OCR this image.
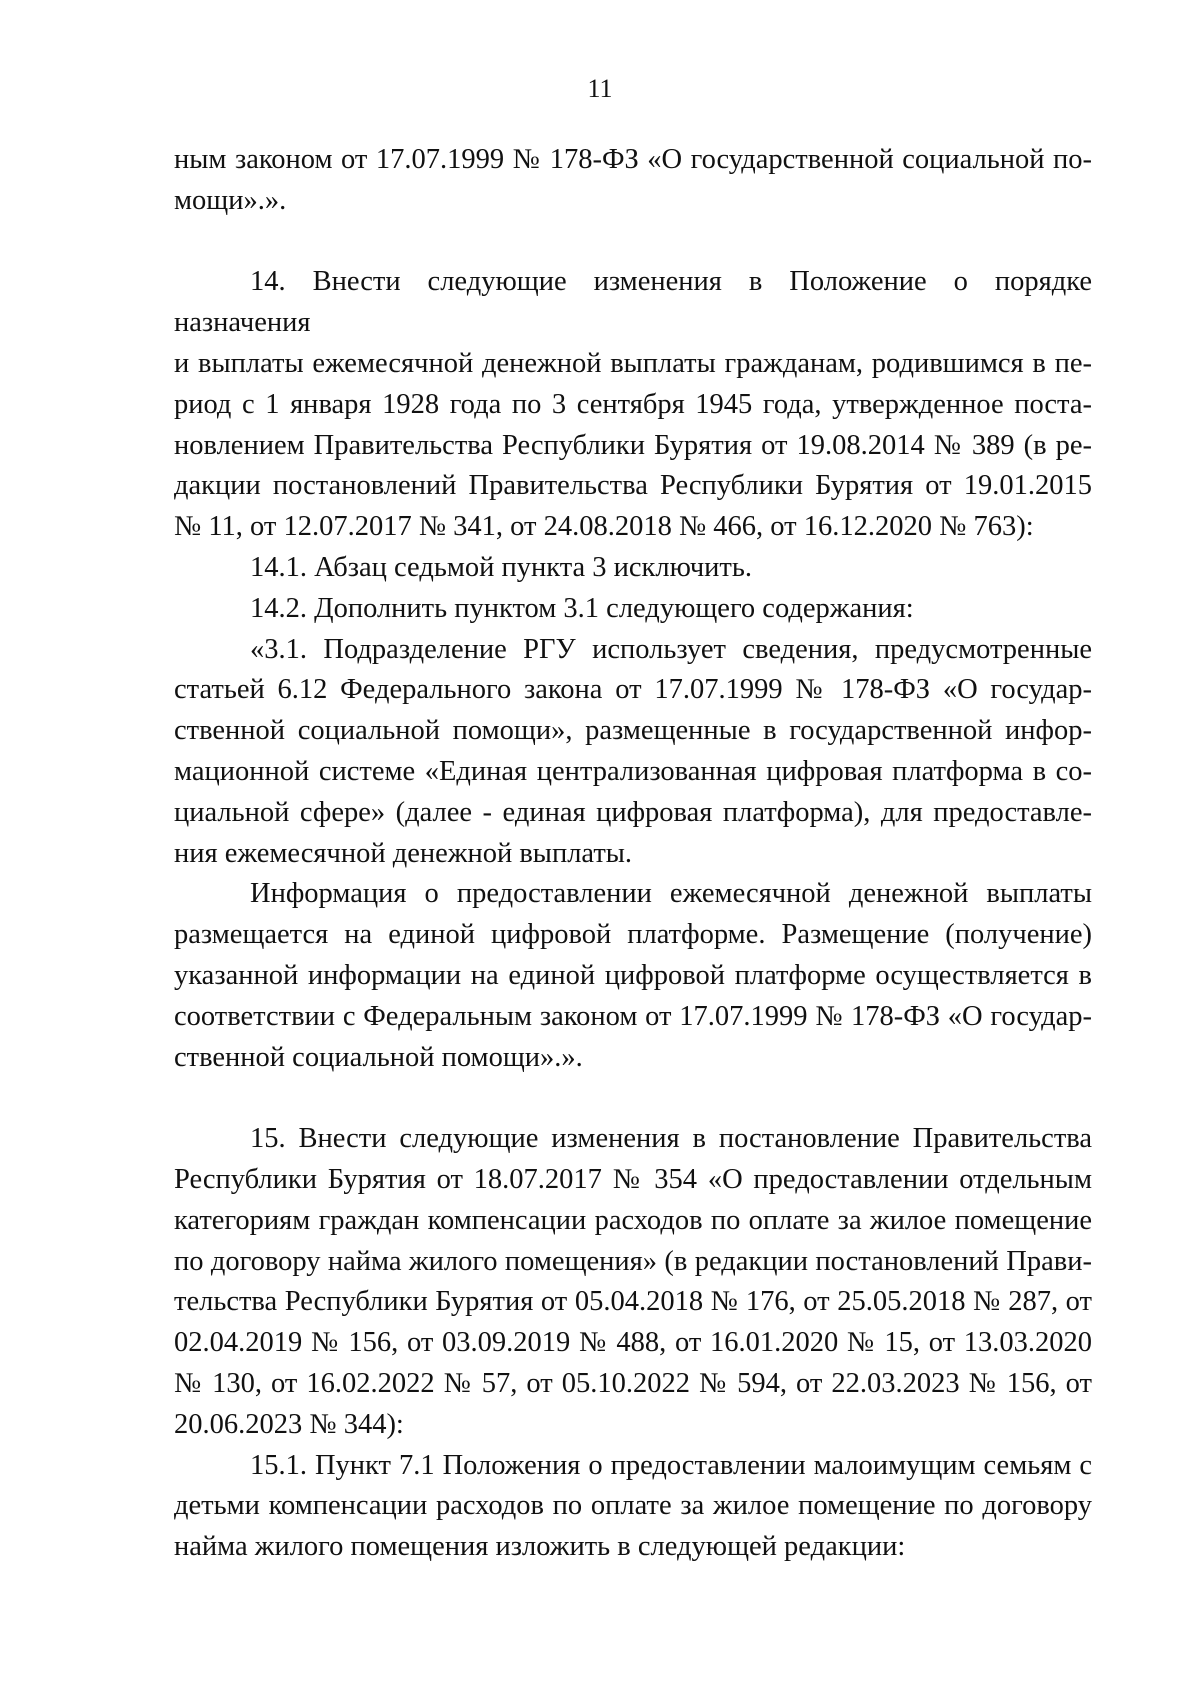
11

ным законом от 17.07.1999 № 178-ФЗ «О государственной социальной по-

мощи».».

14. Внести следующие изменения в Положение о порядке назначения

и выплаты ежемесячной денежной выплаты гражданам, родившимся в пе-

риод с 1 января 1928 года по 3 сентября 1945 года, утвержденное поста-

новлением Правительства Республики Бурятия от 19.08.2014 № 389 (в ре-

дакции постановлений Правительства Республики Бурятия от 19.01.2015

№ 11, от 12.07.2017 № 341, от 24.08.2018 № 466, от 16.12.2020 № 763):

14.1. Абзац седьмой пункта 3 исключить.

14.2. Дополнить пунктом 3.1 следующего содержания:

«3.1. Подразделение РГУ использует сведения, предусмотренные

статьей 6.12 Федерального закона от 17.07.1999 № 178-ФЗ «О государ-

ственной социальной помощи», размещенные в государственной инфор-

мационной системе «Единая централизованная цифровая платформа в со-

циальной сфере» (далее - единая цифровая платформа), для предоставле-

ния ежемесячной денежной выплаты.

Информация о предоставлении ежемесячной денежной выплаты

размещается на единой цифровой платформе. Размещение (получение)

указанной информации на единой цифровой платформе осуществляется в

соответствии с Федеральным законом от 17.07.1999 № 178-ФЗ «О государ-

ственной социальной помощи».».

15. Внести следующие изменения в постановление Правительства

Республики Бурятия от 18.07.2017 № 354 «О предоставлении отдельным

категориям граждан компенсации расходов по оплате за жилое помещение

по договору найма жилого помещения» (в редакции постановлений Прави-

тельства Республики Бурятия от 05.04.2018 № 176, от 25.05.2018 № 287, от

02.04.2019 № 156, от 03.09.2019 № 488, от 16.01.2020 № 15, от 13.03.2020

№ 130, от 16.02.2022 № 57, от 05.10.2022 № 594, от 22.03.2023 № 156, от

20.06.2023 № 344):

15.1. Пункт 7.1 Положения о предоставлении малоимущим семьям с

детьми компенсации расходов по оплате за жилое помещение по договору

найма жилого помещения изложить в следующей редакции:
